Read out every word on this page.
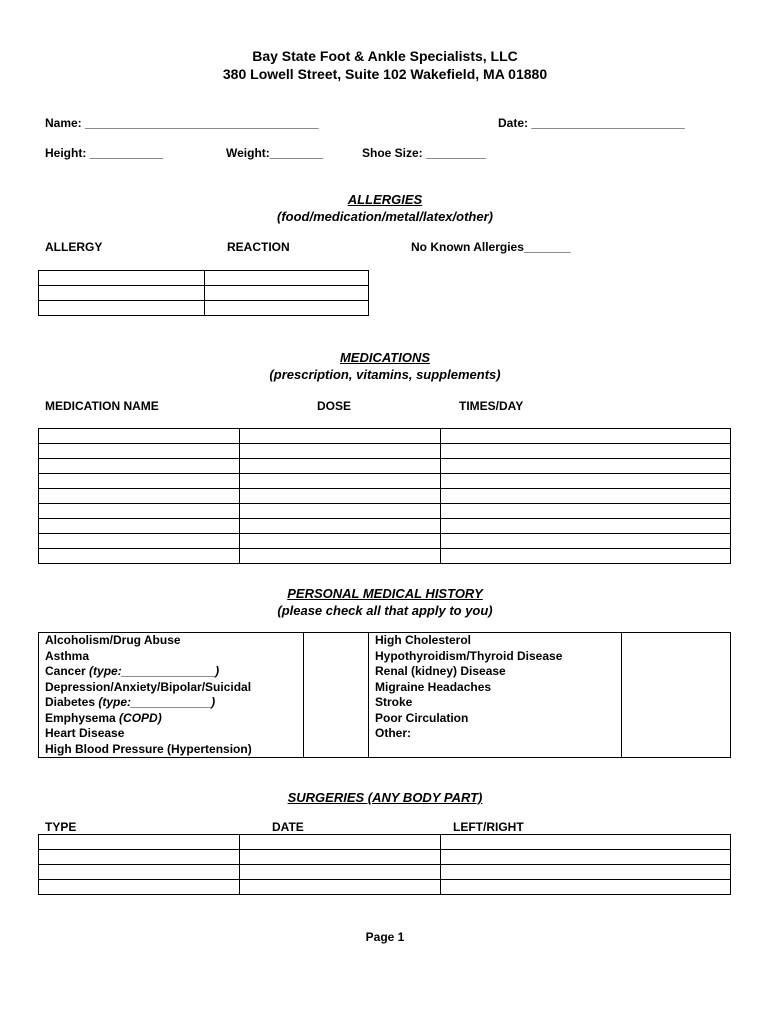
Bay State Foot & Ankle Specialists, LLC
380 Lowell Street, Suite 102 Wakefield, MA 01880
Name: ___________________________________	Date: _______________________
Height: ___________	Weight:________	Shoe Size: _________
ALLERGIES
(food/medication/metal/latex/other)
ALLERGY	REACTION	No Known Allergies_______

MEDICATIONS
(prescription, vitamins, supplements)
MEDICATION NAME	DOSE	TIMES/DAY

PERSONAL MEDICAL HISTORY
(please check all that apply to you)
Alcoholism/Drug Abuse
Asthma
Cancer (type:______________)
Depression/Anxiety/Bipolar/Suicidal
Diabetes (type:____________)
Emphysema (COPD)
Heart Disease
High Blood Pressure (Hypertension)

High Cholesterol
Hypothyroidism/Thyroid Disease
Renal (kidney) Disease
Migraine Headaches
Stroke
Poor Circulation
Other:

SURGERIES (ANY BODY PART)
TYPE	DATE	LEFT/RIGHT

Page 1
